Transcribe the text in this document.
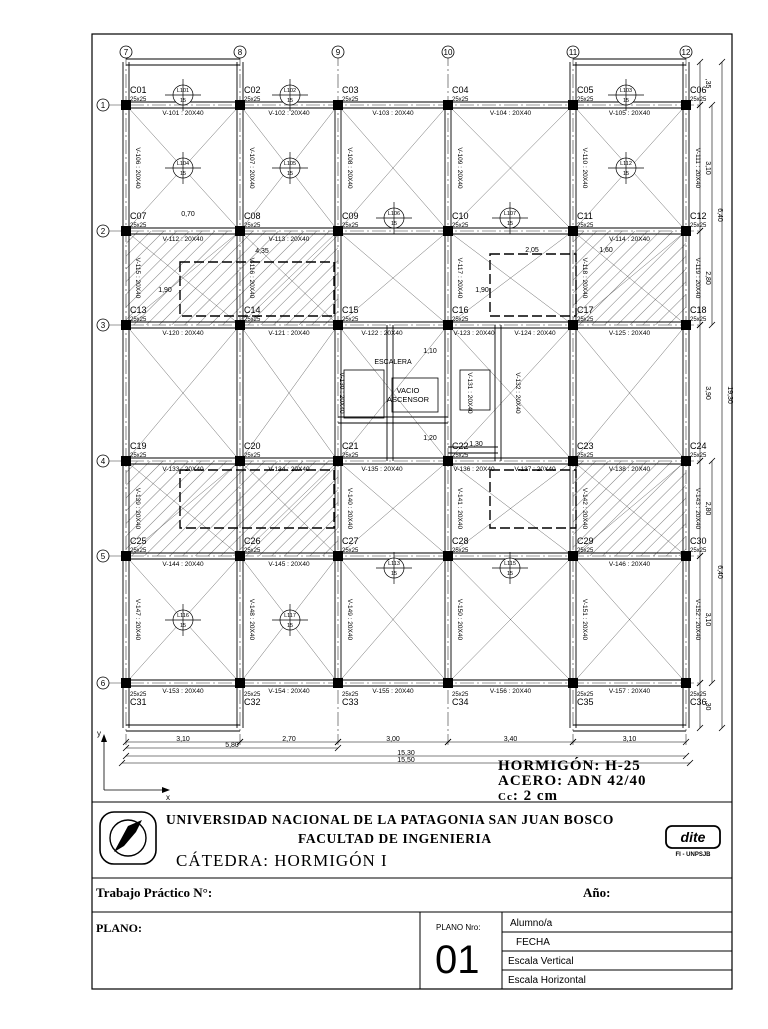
dite
FI - UNPSJB
7	8	9	10	11	12
1
2
3
4
5
6
C01
25x25
C02
25x25
C03
25x25
C04
25x25
C05
25x25
C06
25x25
C07
25x25
C08
25x25
C09
25x25
C10
25x25
C11
25x25
C12
25x25
C13
25x25
C14
25x25
C15
25x25
C16
25x25
C17
25x25
C18
25x25
C19
25x25
C20
25x25
C21
25x25
C22
25x25
C23
25x25
C24
25x25
C25
25x25
C26
25x25
C27
25x25
C28
25x25
C29
25x25
C30
25x25
C31
25x25
C32
25x25
C33
25x25
C34
25x25
C35
25x25
C36
25x25
V-101 : 20X40	V-102 : 20X40	V-103 : 20X40	V-104 : 20X40	V-105 : 20X40
V-112 : 20X40	V-113 : 20X40	V-114 : 20X40
V-120 : 20X40	V-121 : 20X40	V-122 : 20X40	V-123 : 20X40	V-124 : 20X40	V-125 : 20X40
V-133 : 20X40	V-134 : 20X40	V-135 : 20X40	V-136 : 20X40	V-137 : 20X40	V-138 : 20X40
V-144 : 20X40	V-145 : 20X40	V-146 : 20X40
V-153 : 20X40	V-154 : 20X40	V-155 : 20X40	V-156 : 20X40	V-157 : 20X40
V-106 : 20X40	V-107 : 20X40	V-108 : 20X40	V-109 : 20X40	V-110 : 20X40	V-111 : 20X40
V-115 : 20X40	V-116 : 20X40	V-117 : 20X40	V-118 : 20X40	V-119 : 20X40
V-130 : 20X40	V-131 : 20X40	V-132 : 20X40
V-139 : 20X40	V-140 : 20X40	V-141 : 20X40	V-142 : 20X40	V-143 : 20X40
V-147 : 20X40	V-148 : 20X40	V-149 : 20X40	V-150 : 20X40	V-151 : 20X40	V-152 : 20X40
L101
15
L102
15
L103
15
L104
15
L105
15
L106
15
L107
15
L112
15
L113
15
L115
15
L116
15
L117
15
ESCALERA
VACIO
ASCENSOR
0,70
1,90
4,35	2,05	1,60
1,90
1,10
1,30
1,20
3,10	2,70	3,00	3,40	3,10
5,80
15,30
15,50
,35
3,10
2,80
3,90
2,80
3,10
,30
6,40
6,40
19,30
y
x
HORMIGÓN: H-25
ACERO: ADN 42/40
Cc: 2 cm
UNIVERSIDAD NACIONAL DE LA PATAGONIA SAN JUAN BOSCO
FACULTAD DE INGENIERIA
CÁTEDRA: HORMIGÓN I
Trabajo Práctico N°:	Año:
PLANO:	PLANO Nro:
01
Alumno/a
FECHA
Escala Vertical
Escala Horizontal
